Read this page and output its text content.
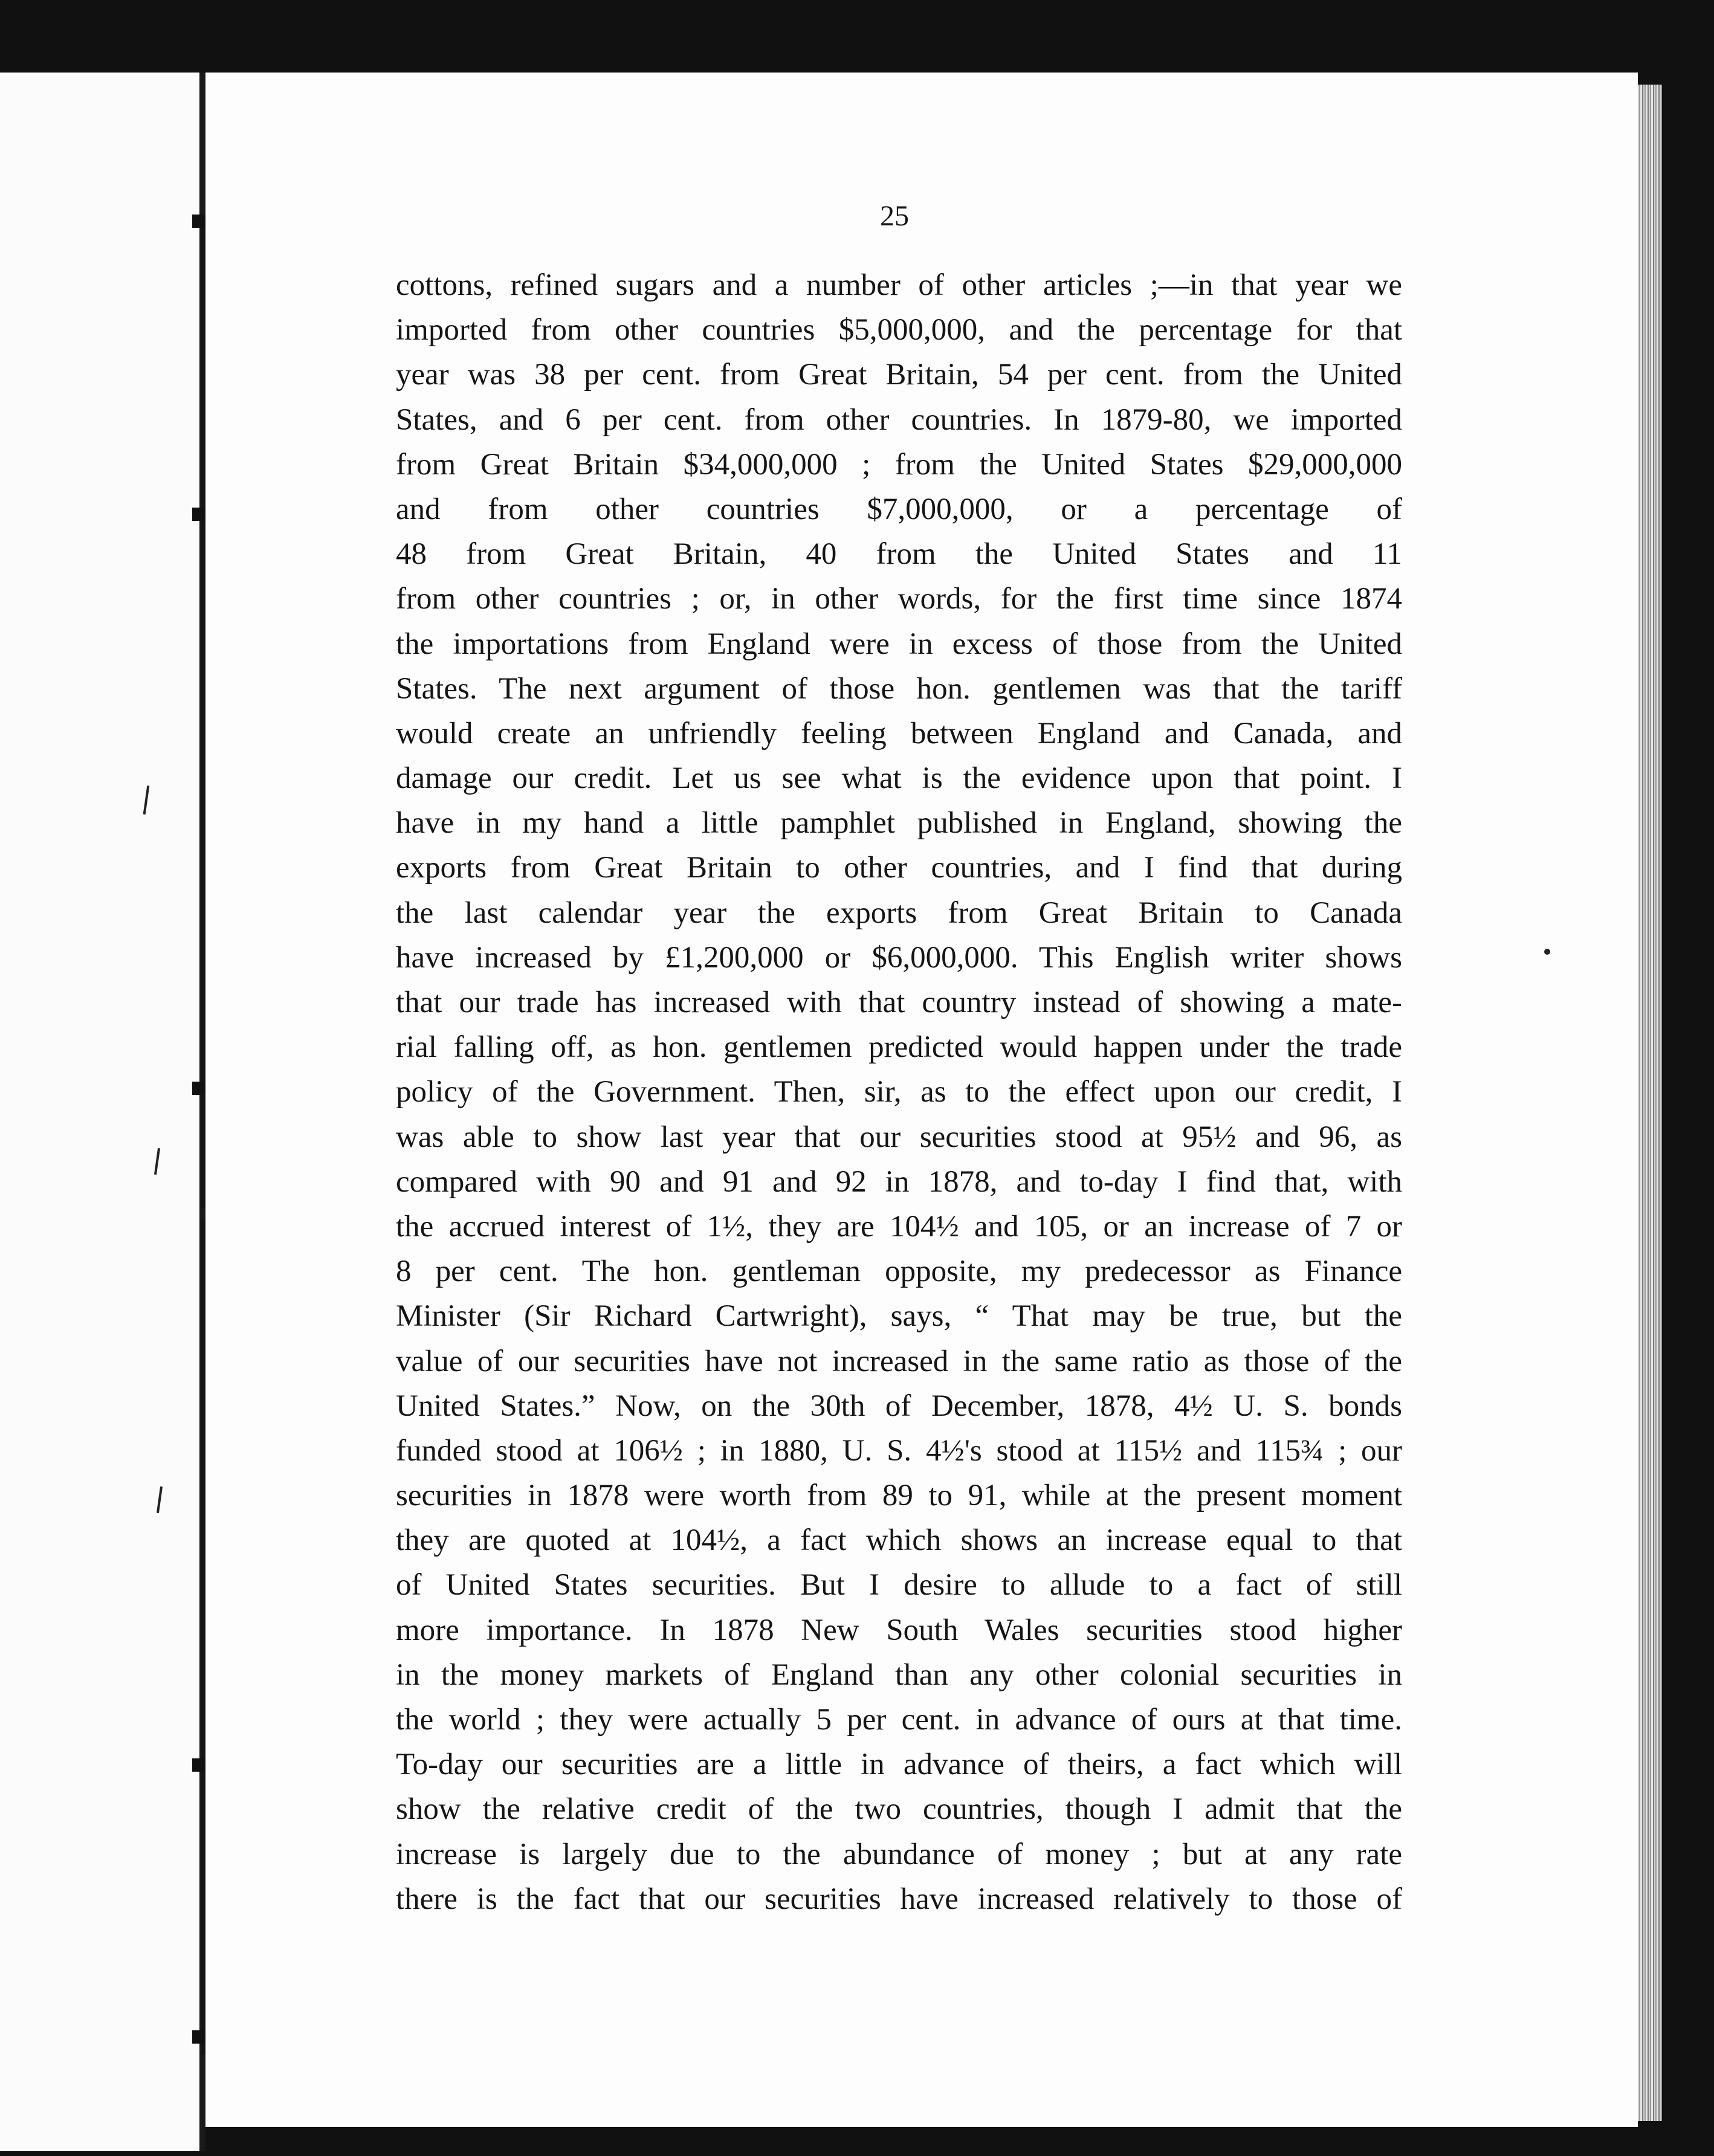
25
cottons, refined sugars and a number of other articles ;—in that year we
imported from other countries $5,000,000, and the percentage for that
year was 38 per cent. from Great Britain, 54 per cent. from the United
States, and 6 per cent. from other countries. In 1879-80, we imported
from Great Britain $34,000,000 ; from the United States $29,000,000
and from other countries $7,000,000, or a percentage of
48 from Great Britain, 40 from the United States and 11
from other countries ; or, in other words, for the first time since 1874
the importations from England were in excess of those from the United
States. The next argument of those hon. gentlemen was that the tariff
would create an unfriendly feeling between England and Canada, and
damage our credit. Let us see what is the evidence upon that point. I
have in my hand a little pamphlet published in England, showing the
exports from Great Britain to other countries, and I find that during
the last calendar year the exports from Great Britain to Canada
have increased by £1,200,000 or $6,000,000. This English writer shows
that our trade has increased with that country instead of showing a mate-
rial falling off, as hon. gentlemen predicted would happen under the trade
policy of the Government. Then, sir, as to the effect upon our credit, I
was able to show last year that our securities stood at 95½ and 96, as
compared with 90 and 91 and 92 in 1878, and to-day I find that, with
the accrued interest of 1½, they are 104½ and 105, or an increase of 7 or
8 per cent. The hon. gentleman opposite, my predecessor as Finance
Minister (Sir Richard Cartwright), says, “ That may be true, but the
value of our securities have not increased in the same ratio as those of the
United States.” Now, on the 30th of December, 1878, 4½ U. S. bonds
funded stood at 106½ ; in 1880, U. S. 4½'s stood at 115½ and 115¾ ; our
securities in 1878 were worth from 89 to 91, while at the present moment
they are quoted at 104½, a fact which shows an increase equal to that
of United States securities. But I desire to allude to a fact of still
more importance. In 1878 New South Wales securities stood higher
in the money markets of England than any other colonial securities in
the world ; they were actually 5 per cent. in advance of ours at that time.
To-day our securities are a little in advance of theirs, a fact which will
show the relative credit of the two countries, though I admit that the
increase is largely due to the abundance of money ; but at any rate
there is the fact that our securities have increased relatively to those of
